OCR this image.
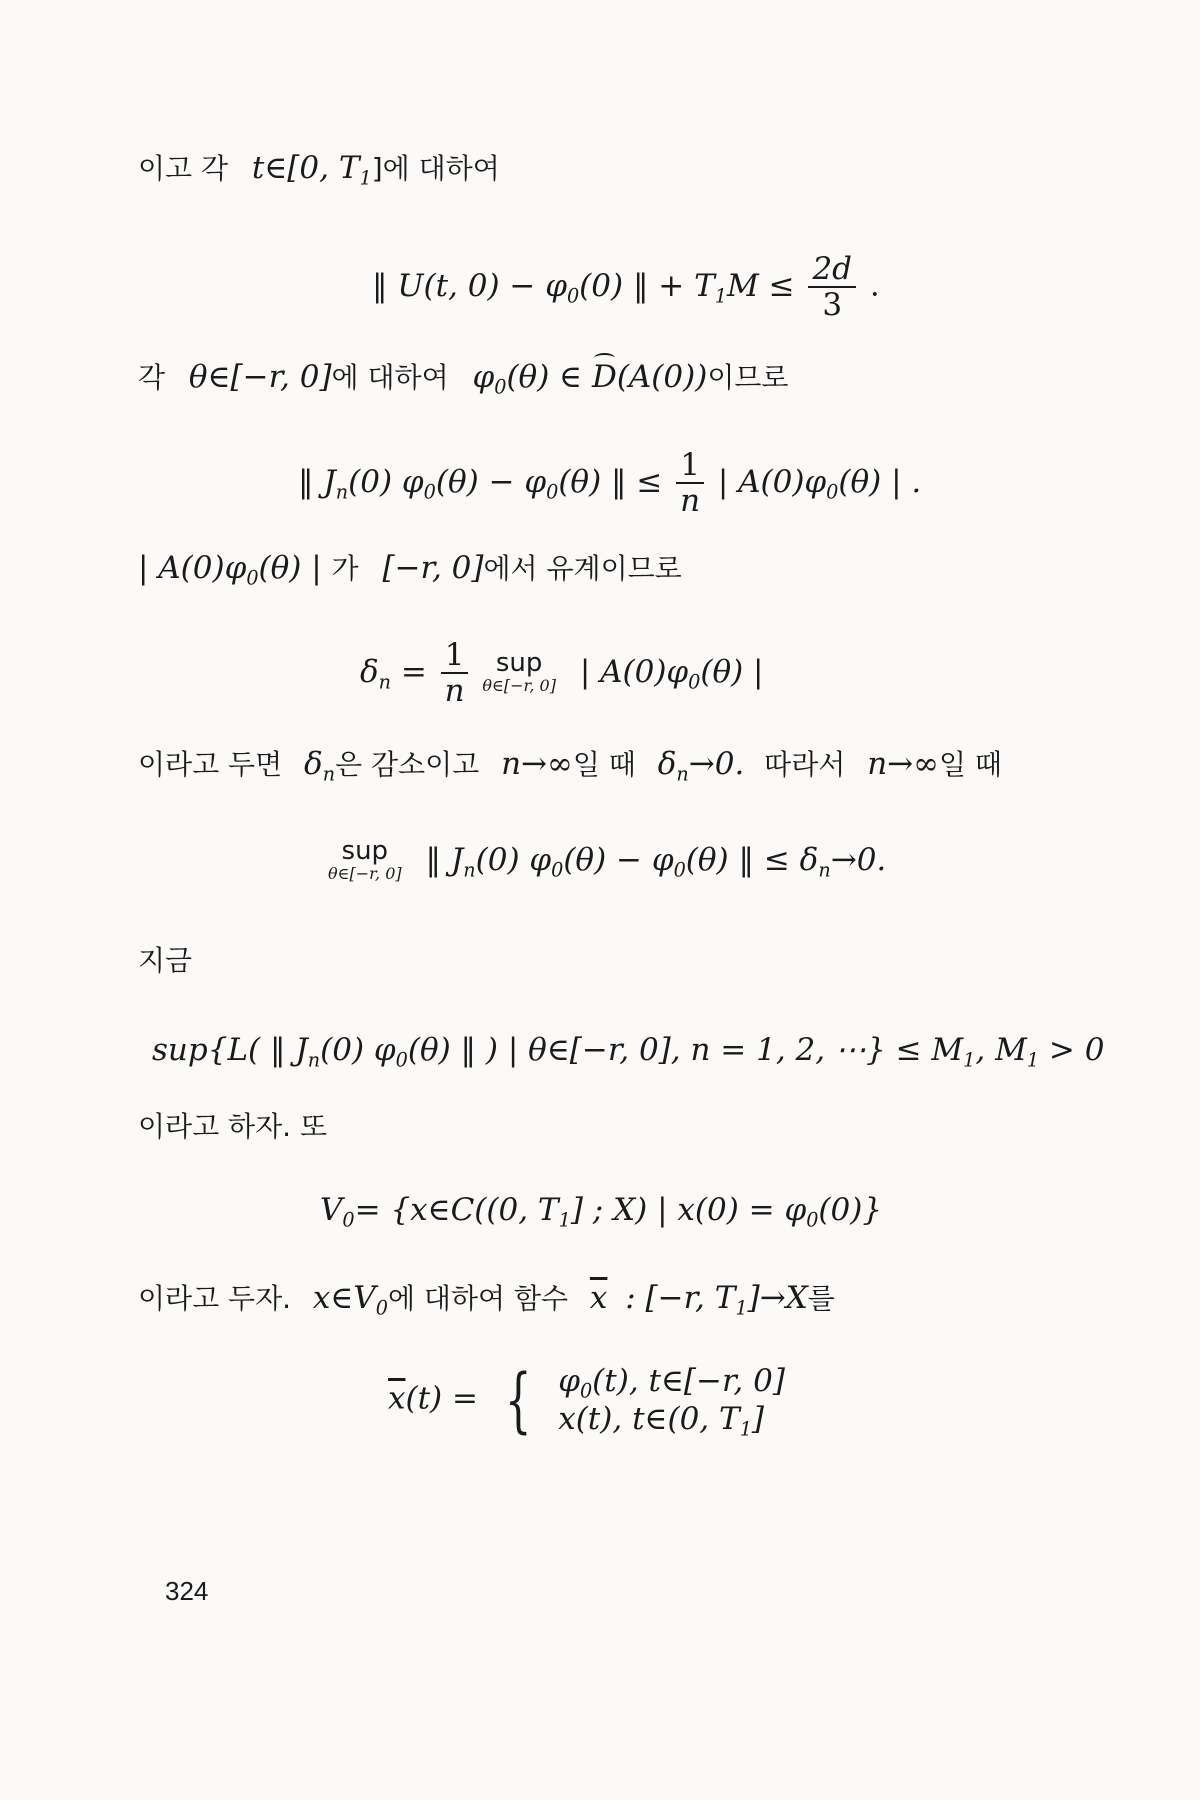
이고 각 t∈[0, $T_1$]에 대하여
‖ U(t, $0) - \varphi_0(0)$ ‖ + $T_1M \le \frac{2d}{3}$ .
각 θ∈[−r, 0]에 대하여 $\varphi_0(\theta)$ ∈ D(A(0))이므로
‖ $J_n(0) \varphi_0(\theta) - \varphi_0(\theta)$ ‖ ≤ $\frac{1}{n}$ | $A(0)\varphi_0(\theta)$ | .
| $A(0)\varphi_0(\theta)$ | 가 [−r, 0]에서 유계이므로
$\delta_n = \frac{1}{n}$
	sup
θ∈[−r, 0] | $A(0)\varphi_0(\theta)$ |
이라고 두면 $\delta_n$은 감소이고 n→∞일 때 $\delta_n\to 0$. 따라서 n→∞일 때
sup
θ∈[−r, 0] ‖ $J_n(0) \varphi_0(\theta) - \varphi_0(\theta)$ ‖ ≤ $\delta_n\to 0$.
지금
sup{L( ‖ $J_n(0)$ $\varphi_0(\theta)$ ‖ ) | θ∈[−r, 0], n = 1, 2, ⋯} ≤ $M_1$, $M_1 > 0$
이라고 하자. 또
$V_0=$ {x∈C((0, $T_1$] ; X) | $x(0) = \varphi_0(0)$}
이라고 두자. $x\in V_0$에 대하여 함수 $\overline{x}$ : [−r, $T_1]\to X$를
$\overline{x}(t)$ = { $\varphi_0(t)$, t∈[−r, 0]
x(t), t∈(0, $T_1$]
324
